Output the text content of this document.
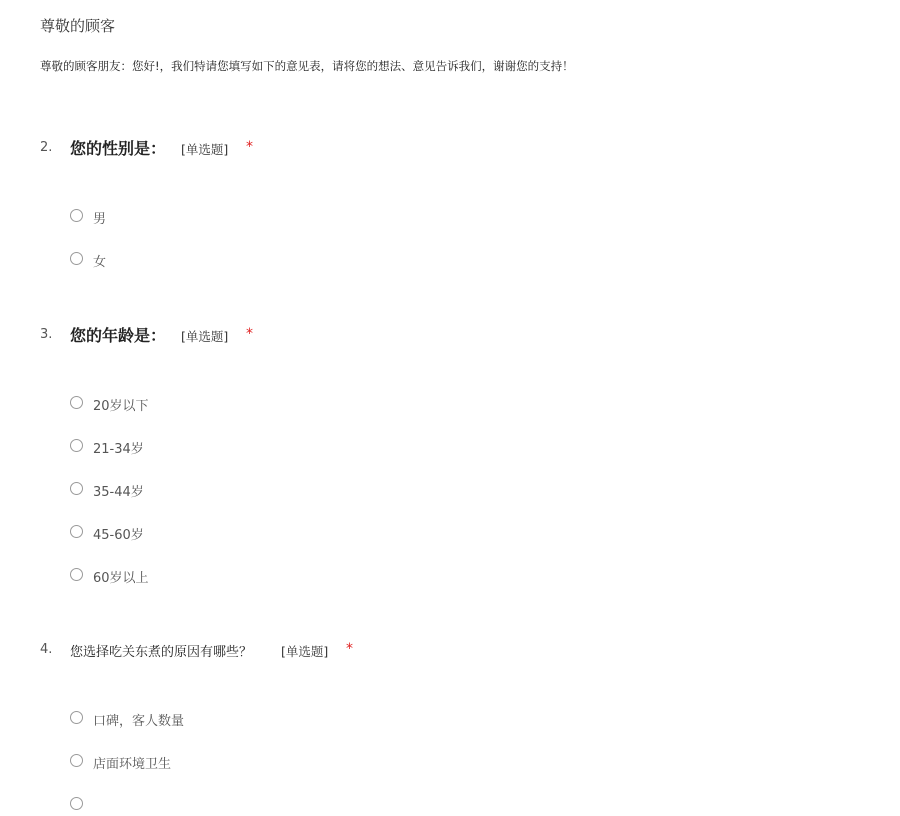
尊敬的顾客
尊敬的顾客朋友：您好!，我们特请您填写如下的意见表，请将您的想法、意见告诉我们，谢谢您的支持！
2. 您的性别是： [单选题] *
男
女
3. 您的年龄是： [单选题] *
20岁以下
21-34岁
35-44岁
45-60岁
60岁以上
4. 您选择吃关东煮的原因有哪些？ [单选题] *
口碑，客人数量
店面环境卫生
